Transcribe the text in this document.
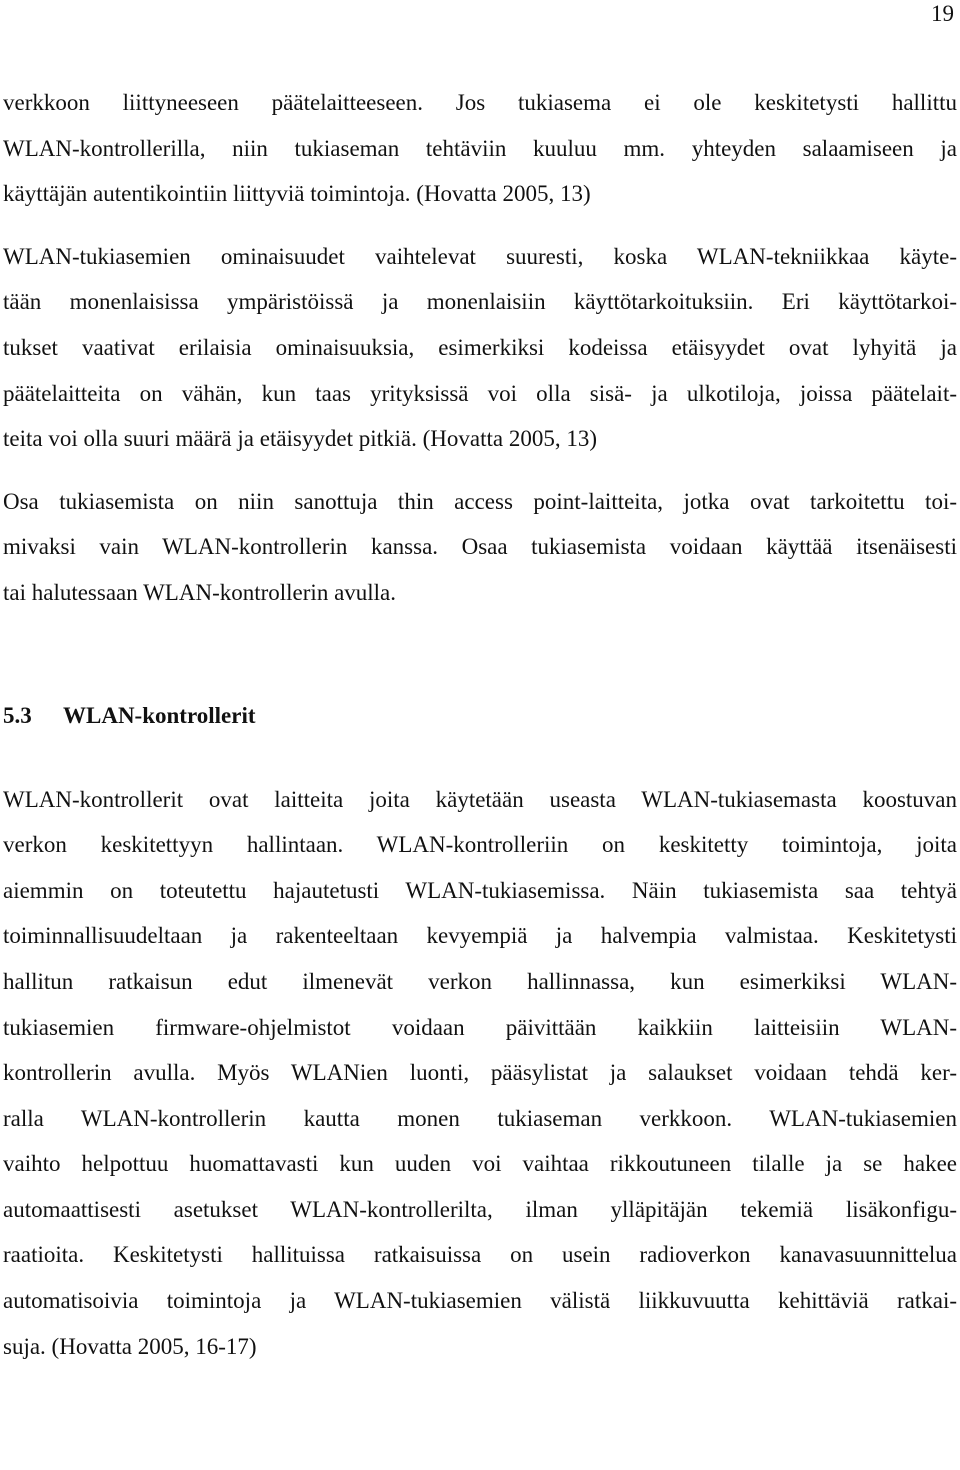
19
verkkoon liittyneeseen päätelaitteeseen. Jos tukiasema ei ole keskitetysti hallittu
WLAN-kontrollerilla, niin tukiaseman tehtäviin kuuluu mm. yhteyden salaamiseen ja
käyttäjän autentikointiin liittyviä toimintoja. (Hovatta 2005, 13)
WLAN-tukiasemien ominaisuudet vaihtelevat suuresti, koska WLAN-tekniikkaa käyte-
tään monenlaisissa ympäristöissä ja monenlaisiin käyttötarkoituksiin. Eri käyttötarkoi-
tukset vaativat erilaisia ominaisuuksia, esimerkiksi kodeissa etäisyydet ovat lyhyitä ja
päätelaitteita on vähän, kun taas yrityksissä voi olla sisä- ja ulkotiloja, joissa päätelait-
teita voi olla suuri määrä ja etäisyydet pitkiä. (Hovatta 2005, 13)
Osa tukiasemista on niin sanottuja thin access point-laitteita, jotka ovat tarkoitettu toi-
mivaksi vain WLAN-kontrollerin kanssa. Osaa tukiasemista voidaan käyttää itsenäisesti
tai halutessaan WLAN-kontrollerin avulla.
5.3 WLAN-kontrollerit
WLAN-kontrollerit ovat laitteita joita käytetään useasta WLAN-tukiasemasta koostuvan
verkon keskitettyyn hallintaan. WLAN-kontrolleriin on keskitetty toimintoja, joita
aiemmin on toteutettu hajautetusti WLAN-tukiasemissa. Näin tukiasemista saa tehtyä
toiminnallisuudeltaan ja rakenteeltaan kevyempiä ja halvempia valmistaa. Keskitetysti
hallitun ratkaisun edut ilmenevät verkon hallinnassa, kun esimerkiksi WLAN-
tukiasemien firmware-ohjelmistot voidaan päivittään kaikkiin laitteisiin WLAN-
kontrollerin avulla. Myös WLANien luonti, pääsylistat ja salaukset voidaan tehdä ker-
ralla WLAN-kontrollerin kautta monen tukiaseman verkkoon. WLAN-tukiasemien
vaihto helpottuu huomattavasti kun uuden voi vaihtaa rikkoutuneen tilalle ja se hakee
automaattisesti asetukset WLAN-kontrollerilta, ilman ylläpitäjän tekemiä lisäkonfigu-
raatioita. Keskitetysti hallituissa ratkaisuissa on usein radioverkon kanavasuunnittelua
automatisoivia toimintoja ja WLAN-tukiasemien välistä liikkuvuutta kehittäviä ratkai-
suja. (Hovatta 2005, 16-17)
